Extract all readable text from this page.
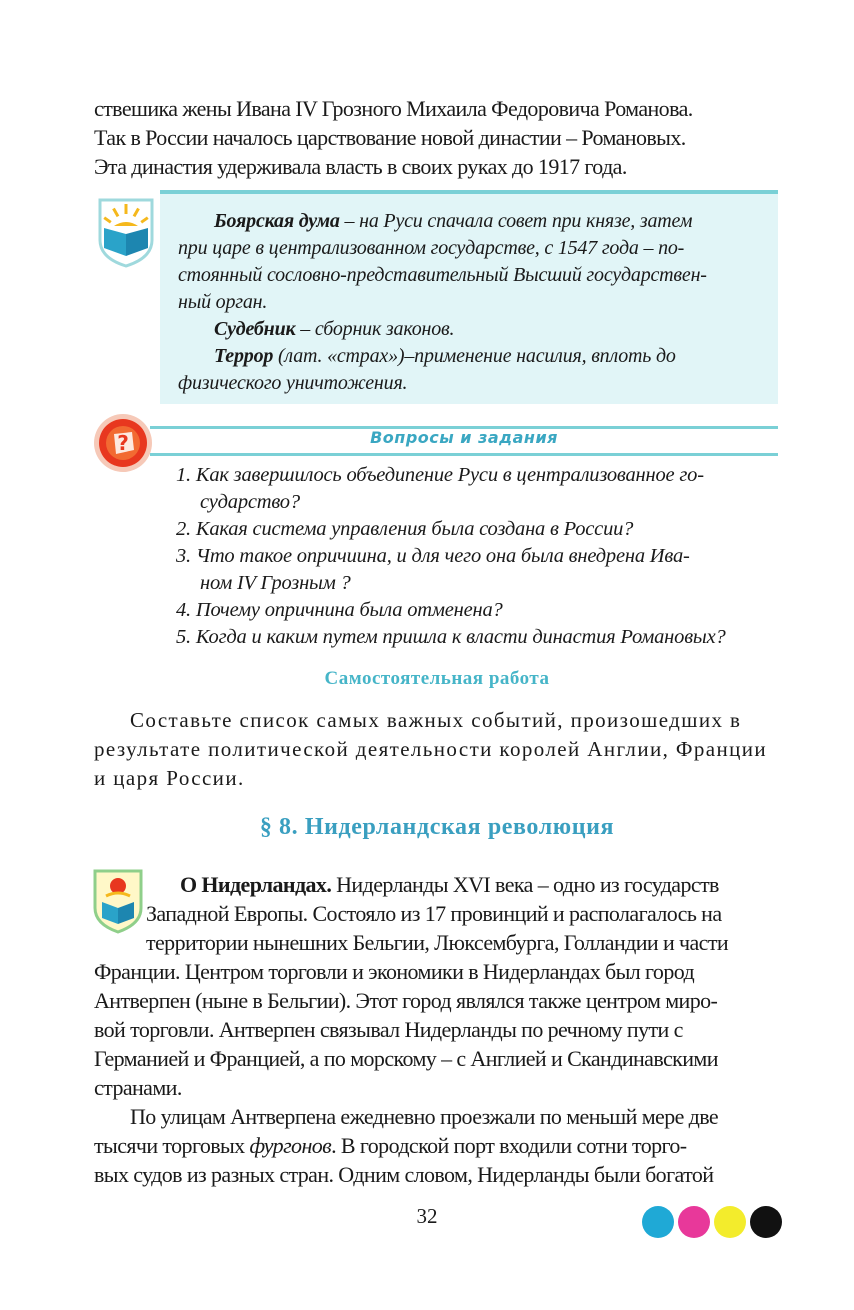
ствешика жены Ивана IV Грозного Михаила Федоровича Романова.
Так в России началось царствование новой династии – Романовых.
Эта династия удерживала власть в своих руках до 1917 года.
Боярская дума – на Руси спачала совет при князе, затем
при царе в централизованном государстве, с 1547 года – по-
стоянный сословно-представительный Высший государствен-
ный орган.
Судебник – сборник законов.
Террор (лат. «страх»)–применение насилия, вплоть до
физического уничтожения.
?	Вопросы и задания
1. Как завершилось объедипение Руси в централизованное го-
сударство?
2. Какая система управления была создана в России?
3. Что такое опричиина, и для чего она была внедрена Ива-
ном IV Грозным ?
4. Почему опричнина была отменена?
5. Когда и каким путем пришла к власти династия Романовых?
Самостоятельная работа
Составьте список самых важных событий, произошедших в
результате политической деятельности королей Англии, Франции
и царя России.
§ 8. Нидерландская революция
О Нидерландах. Нидерланды XVI века – одно из государств
Западной Европы. Состояло из 17 провинций и располагалось на
территории нынешних Бельгии, Люксембурга, Голландии и части
Франции. Центром торговли и экономики в Нидерландах был город
Антверпен (ныне в Бельгии). Этот город являлся также центром миро-
вой торговли. Антверпен связывал Нидерланды по речному пути с
Германией и Францией, а по морскому – с Англией и Скандинавскими
странами.
По улицам Антверпена ежедневно проезжали по меньшй мере две
тысячи торговых фургонов. В городской порт входили сотни торго-
вых судов из разных стран. Одним словом, Нидерланды были богатой
32
